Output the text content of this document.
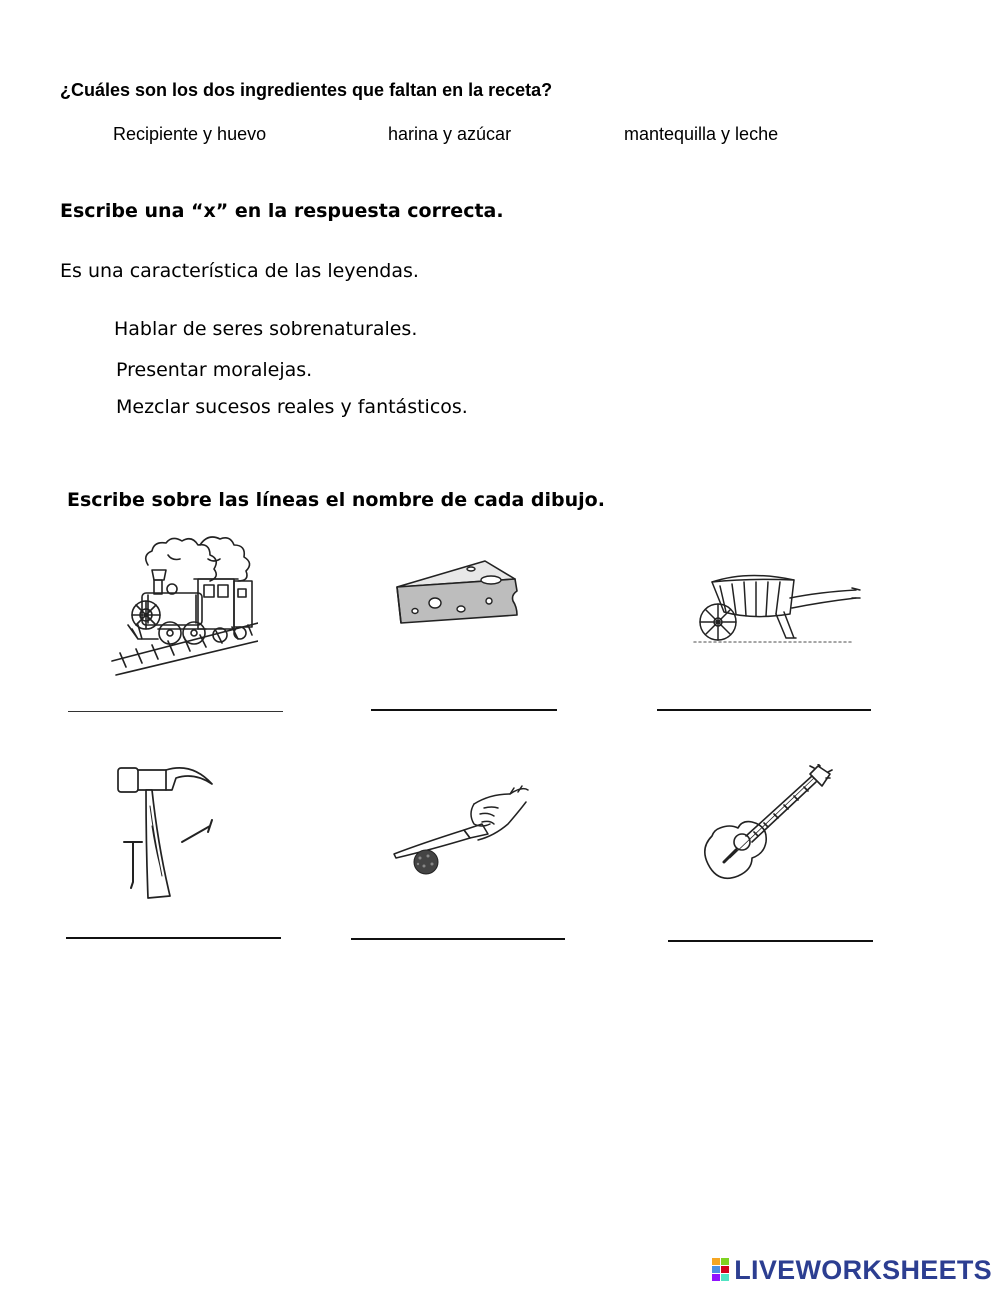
¿Cuáles son los dos ingredientes que faltan en la receta?
Recipiente y huevo	harina y azúcar	mantequilla y leche
Escribe una “x” en la respuesta correcta.
Es una característica de las leyendas.
Hablar de seres sobrenaturales.
Presentar moralejas.
Mezclar sucesos reales y fantásticos.
Escribe sobre las líneas el nombre de cada dibujo.
LIVEWORKSHEETS
